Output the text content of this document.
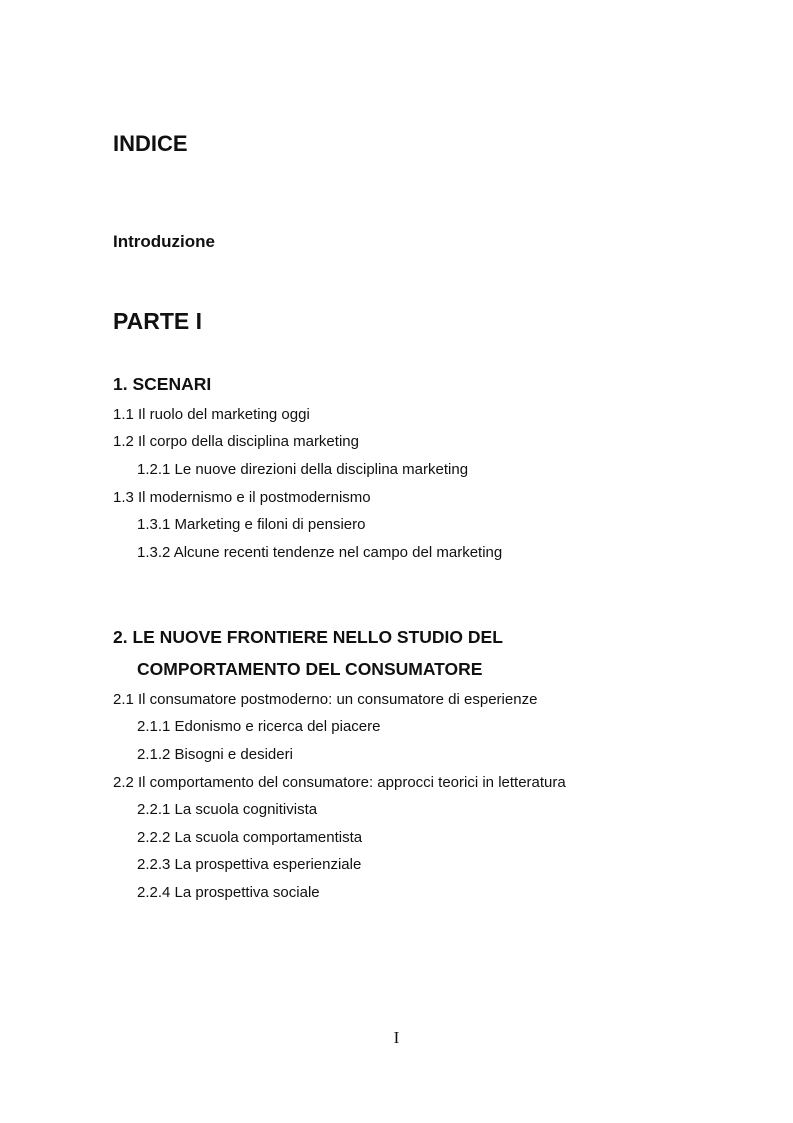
INDICE
Introduzione
PARTE I
1. SCENARI
1.1 Il ruolo del marketing oggi
1.2 Il corpo della disciplina marketing
1.2.1 Le nuove direzioni della disciplina marketing
1.3 Il modernismo e il postmodernismo
1.3.1 Marketing e filoni di pensiero
1.3.2 Alcune recenti tendenze nel campo del marketing
2. LE NUOVE FRONTIERE NELLO STUDIO DEL
COMPORTAMENTO DEL CONSUMATORE
2.1 Il consumatore postmoderno: un consumatore di esperienze
2.1.1 Edonismo e ricerca del piacere
2.1.2 Bisogni e desideri
2.2 Il comportamento del consumatore: approcci teorici in letteratura
2.2.1 La scuola cognitivista
2.2.2 La scuola comportamentista
2.2.3 La prospettiva esperienziale
2.2.4 La prospettiva sociale
I
